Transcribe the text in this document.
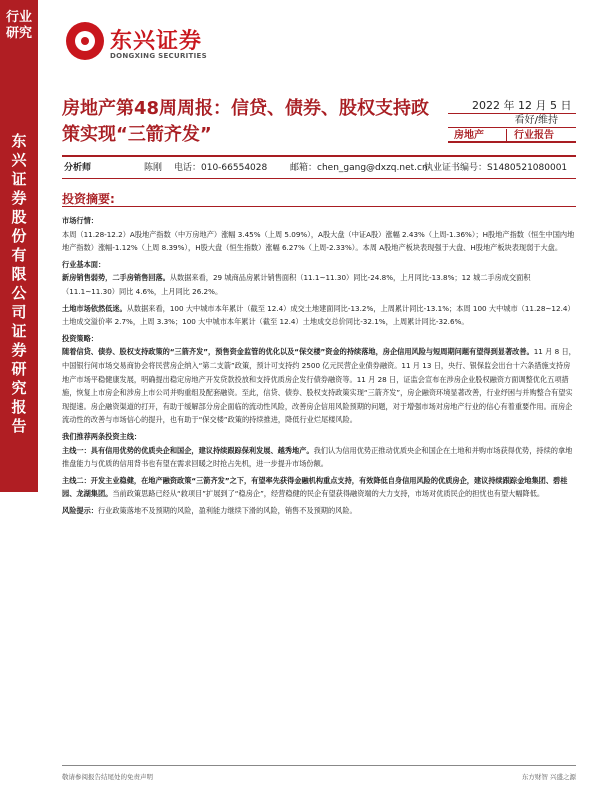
行业
研究
东
兴
证
券
股
份
有
限
公
司
证
券
研
究
报
告
东兴证券
DONGXING SECURITIES
房地产第48周周报：信贷、债券、股权支持政策实现“三箭齐发”
2022 年 12 月 5 日
看好/维持
房地产	行业报告
分析师	陈刚 电话：010-66554028	邮箱：chen_gang@dxzq.net.cn
执业证书编号：S1480521080001
投资摘要:
市场行情：
本周（11.28-12.2）A股地产指数（中万房地产）涨幅 3.45%（上周 5.09%），A股大盘（中证A股）涨幅 2.43%（上周-1.36%）；H股地产指数（恒生中国内地地产指数）涨幅-1.12%（上周 8.39%），H股大盘（恒生指数）涨幅 6.27%（上周-2.33%）。本周 A股地产板块表现强于大盘、H股地产板块表现弱于大盘。
行业基本面：
新房销售弱势，二手房销售回落。从数据来看，29 城商品房累计销售面积（11.1~11.30）同比-24.8%，上月同比-13.8%；12 城二手房成交面积（11.1~11.30）同比 4.6%，上月同比 26.2%。
土地市场依然低迷。从数据来看，100 大中城市本年累计（截至 12.4）成交土地建面同比-13.2%，上周累计同比-13.1%；本周 100 大中城市（11.28~12.4）土地成交溢价率 2.7%，上周 3.3%；100 大中城市本年累计（截至 12.4）土地成交总价同比-32.1%，上周累计同比-32.6%。
投资策略：
随着信贷、债券、股权支持政策的“三箭齐发”，预售资金监管的优化以及“保交楼”资金的持续落地，房企信用风险与短周期问题有望得到显著改善。11 月 8 日，中国银行间市场交易商协会将民营房企纳入“第二支箭”政策，预计可支持约 2500 亿元民营企业债券融资。11 月 13 日，央行、银保监会出台十六条措施支持房地产市场平稳健康发展，明确提出稳定房地产开发贷款投放和支持优质房企发行债券融资等。11 月 28 日，证监会宣布在涉房企业股权融资方面调整优化五项措施，恢复上市房企和涉房上市公司并购重组及配套融资。至此，信贷、债券、股权支持政策实现“三箭齐发”，房企融资环境显著改善，行业纾困与并购整合有望实现提速。房企融资渠道的打开，有助于缓解部分房企面临的流动性风险，改善房企信用风险预期的问题，对于增强市场对房地产行业的信心有着重要作用。而房企流动性的改善与市场信心的提升，也有助于“保交楼”政策的持续推进，降低行业烂尾楼风险。
我们推荐两条投资主线：
主线一：具有信用优势的优质央企和国企，建议持续跟踪保利发展、越秀地产。我们认为信用优势正推动优质央企和国企在土地和并购市场获得优势，持续的拿地推盘能力与优质的信用背书也有望在需求回暖之时抢占先机，进一步提升市场份额。
主线二：开发主业稳健，在地产融资政策“三箭齐发”之下，有望率先获得金融机构重点支持，有效降低自身信用风险的优质房企，建议持续跟踪金地集团、碧桂园、龙湖集团。当前政策思路已经从“救项目”扩展到了“稳房企”，经营稳健的民企有望获得融资端的大力支持，市场对优质民企的担忧也有望大幅降低。
风险提示：行业政策落地不及预期的风险，盈利能力继续下滑的风险，销售不及预期的风险。
敬请参阅报告结尾处的免责声明	东方财智 兴盛之源
